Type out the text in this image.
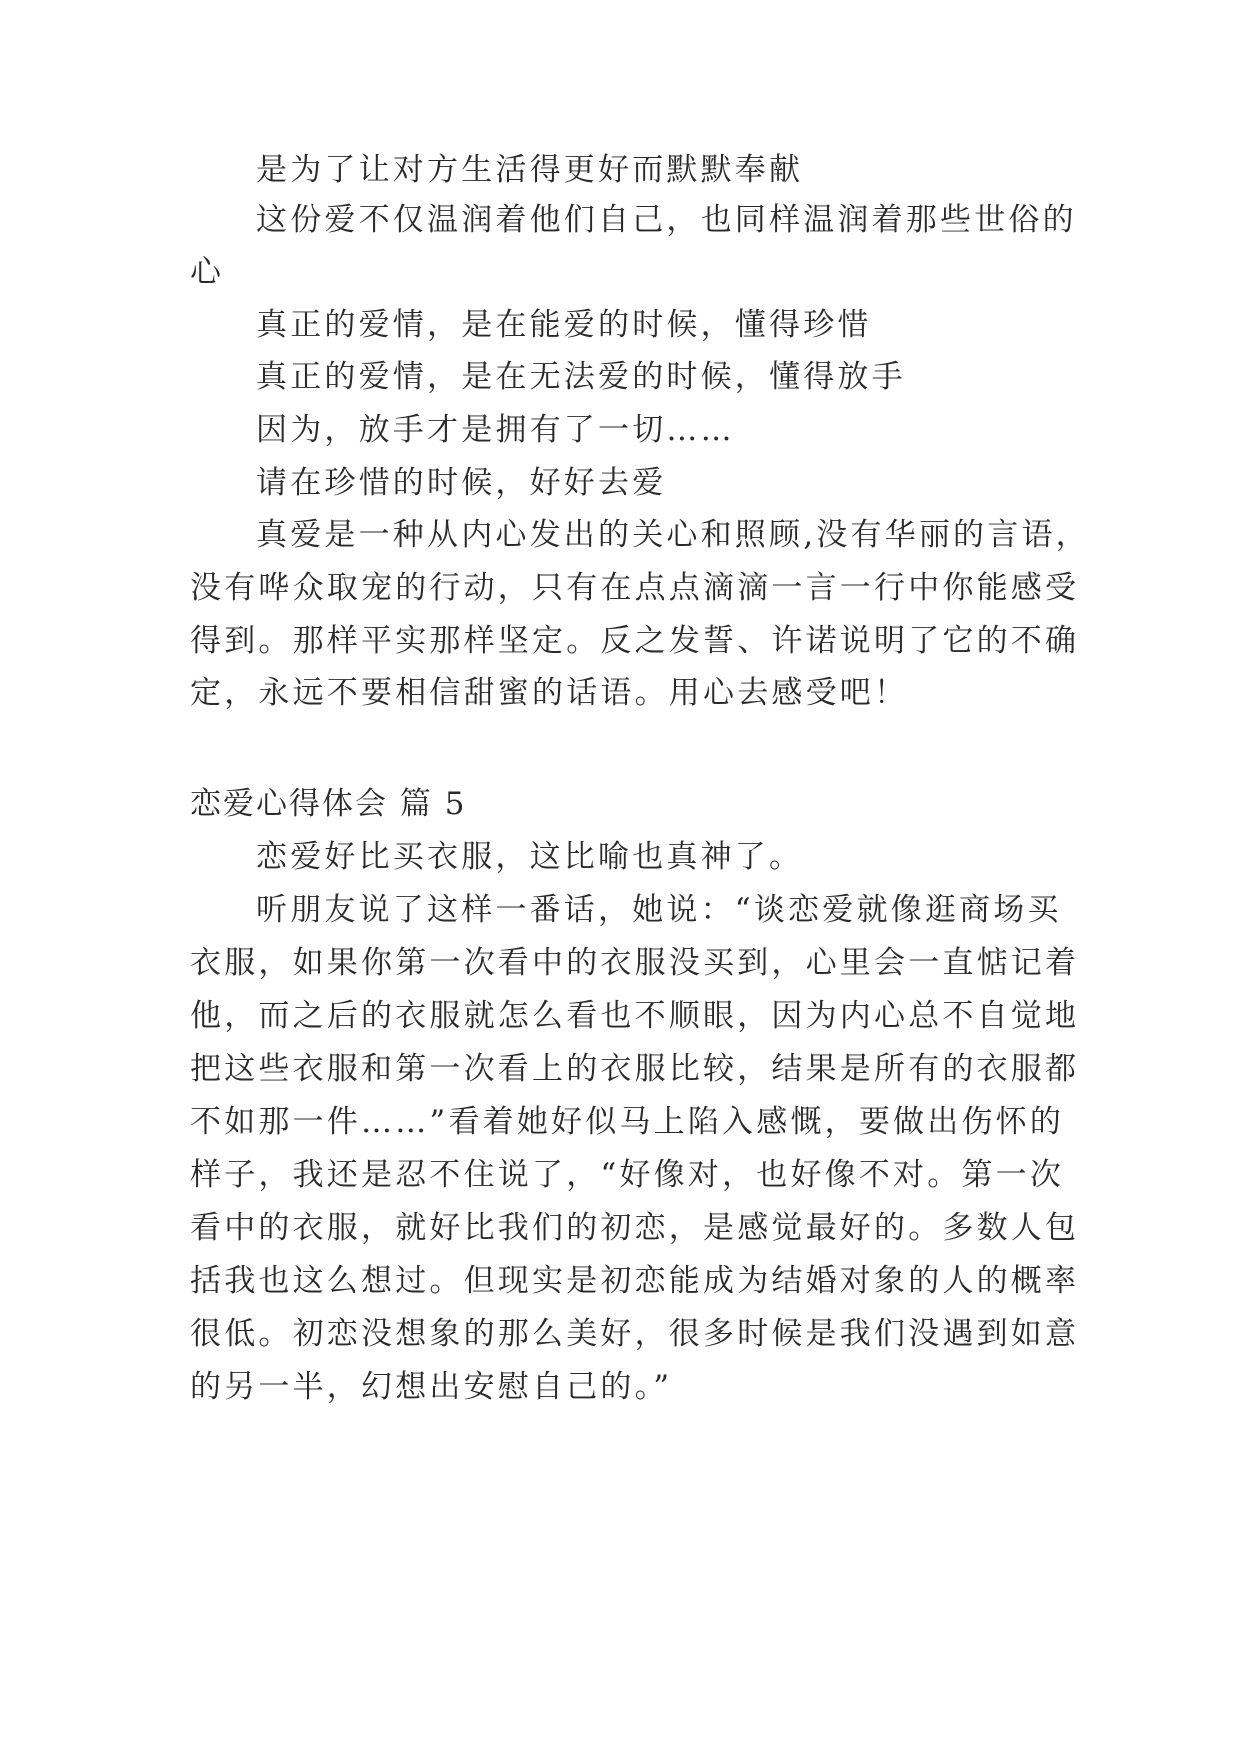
是为了让对方生活得更好而默默奉献
这份爱不仅温润着他们自己，也同样温润着那些世俗的
心
真正的爱情，是在能爱的时候，懂得珍惜
真正的爱情，是在无法爱的时候，懂得放手
因为，放手才是拥有了一切……
请在珍惜的时候，好好去爱
真爱是一种从内心发出的关心和照顾,没有华丽的言语，
没有哗众取宠的行动，只有在点点滴滴一言一行中你能感受
得到。那样平实那样坚定。反之发誓、许诺说明了它的不确
定，永远不要相信甜蜜的话语。用心去感受吧！
恋爱心得体会 篇 5
恋爱好比买衣服，这比喻也真神了。
听朋友说了这样一番话，她说：“谈恋爱就像逛商场买
衣服，如果你第一次看中的衣服没买到，心里会一直惦记着
他，而之后的衣服就怎么看也不顺眼，因为内心总不自觉地
把这些衣服和第一次看上的衣服比较，结果是所有的衣服都
不如那一件……”看着她好似马上陷入感慨，要做出伤怀的
样子，我还是忍不住说了，“好像对，也好像不对。第一次
看中的衣服，就好比我们的初恋，是感觉最好的。多数人包
括我也这么想过。但现实是初恋能成为结婚对象的人的概率
很低。初恋没想象的那么美好，很多时候是我们没遇到如意
的另一半，幻想出安慰自己的。”
